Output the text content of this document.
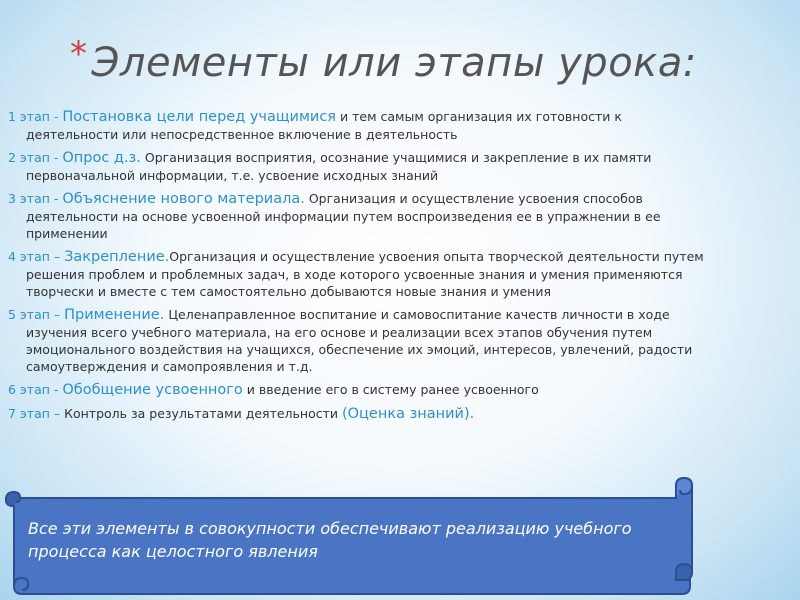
* Элементы или этапы урока:
1 этап - Постановка цели перед учащимися и тем самым организация их готовности к деятельности или непосредственное включение в деятельность
2 этап - Опрос д.з. Организация восприятия, осознание учащимися и закрепление в их памяти первоначальной информации, т.е. усвоение исходных знаний
3 этап - Объяснение нового материала. Организация и осуществление усвоения способов деятельности на основе усвоенной информации путем воспроизведения ее в упражнении в ее применении
4 этап – Закрепление.Организация и осуществление усвоения опыта творческой деятельности путем решения проблем и проблемных задач, в ходе которого усвоенные знания и умения применяются творчески и вместе с тем самостоятельно добываются новые знания и умения
5 этап – Применение. Целенаправленное воспитание и самовоспитание качеств личности в ходе изучения всего учебного материала, на его основе и реализации всех этапов обучения путем эмоционального воздействия на учащихся, обеспечение их эмоций, интересов, увлечений, радости самоутверждения и самопроявления и т.д.
6 этап - Обобщение усвоенного и введение его в систему ранее усвоенного
7 этап – Контроль за результатами деятельности (Оценка знаний).
Все эти элементы в совокупности обеспечивают реализацию учебного процесса как целостного явления
